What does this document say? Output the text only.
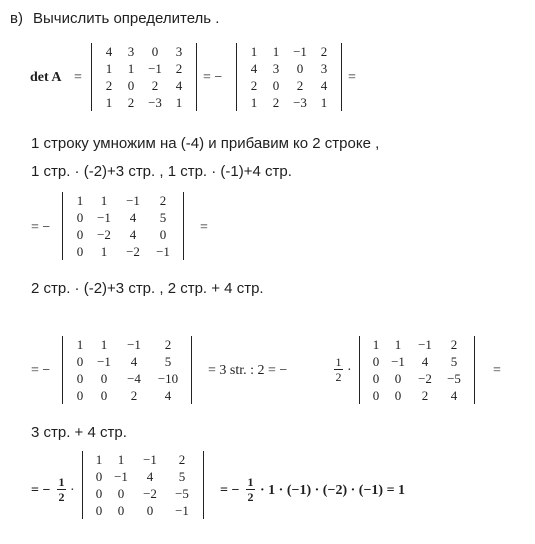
в) Вычислить определитель .
det A =
4	3	0	3
1	1	−1	2
2	0	2	4
1	2	−3	1
= −
1	1	−1	2
4	3	0	3
2	0	2	4
1	2	−3	1
=
1 строку умножим на (-4) и прибавим ко 2 строке ,
1 стр. · (-2)+3 стр. , 1 стр. · (-1)+4 стр.
= −
1	1	−1	2
0	−1	4	5
0	−2	4	0
0	1	−2	−1
=
2 стр. · (-2)+3 стр. , 2 стр. + 4 стр.
= −
1	1	−1	2
0	−1	4	5
0	0	−4	−10
0	0	2	4
= 3 str. : 2 = −
1
2 ·
1	1	−1	2
0 −1	4	5
0	0	−2	−5
0	0	2	4
=
3 стр. + 4 стр.
= −
1
2 ·
1	1	−1	2
0 −1	4	5
0	0	−2	−5
0	0	0	−1
= −
1
2 · 1 · (−1) · (−2) · (−1) = 1
